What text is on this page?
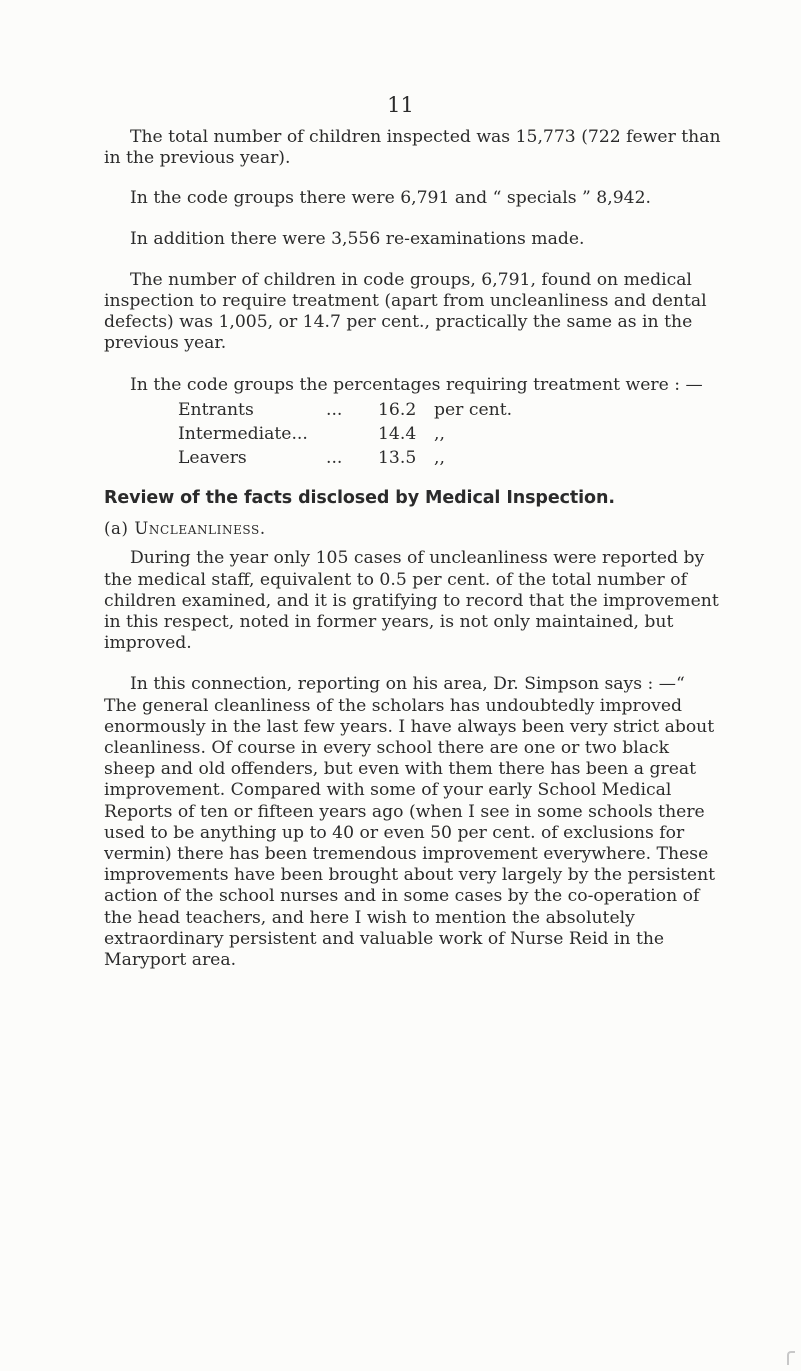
11

The total number of children inspected was 15,773 (722 fewer than in the previous year).

In the code groups there were 6,791 and “ specials ” 8,942.

In addition there were 3,556 re-examinations made.

The number of children in code groups, 6,791, found on medical inspection to require treatment (apart from uncleanliness and dental defects) was 1,005, or 14.7 per cent., practically the same as in the previous year.

In the code groups the percentages requiring treatment were : —

Entrants	...	16.2	per cent.
Intermediate...		14.4	,,
Leavers	...	13.5	,,
Review of the facts disclosed by Medical Inspection.
(a) Uncleanliness.

During the year only 105 cases of uncleanliness were reported by the medical staff, equivalent to 0.5 per cent. of the total number of children examined, and it is gratifying to record that the improvement in this respect, noted in former years, is not only maintained, but improved.

In this connection, reporting on his area, Dr. Simpson says : —“ The general cleanliness of the scholars has undoubtedly improved enormously in the last few years. I have always been very strict about cleanliness. Of course in every school there are one or two black sheep and old offenders, but even with them there has been a great improvement. Compared with some of your early School Medical Reports of ten or fifteen years ago (when I see in some schools there used to be anything up to 40 or even 50 per cent. of exclusions for vermin) there has been tremendous improvement everywhere. These improvements have been brought about very largely by the persistent action of the school nurses and in some cases by the co-operation of the head teachers, and here I wish to mention the absolutely extraordinary persistent and valuable work of Nurse Reid in the Maryport area.
